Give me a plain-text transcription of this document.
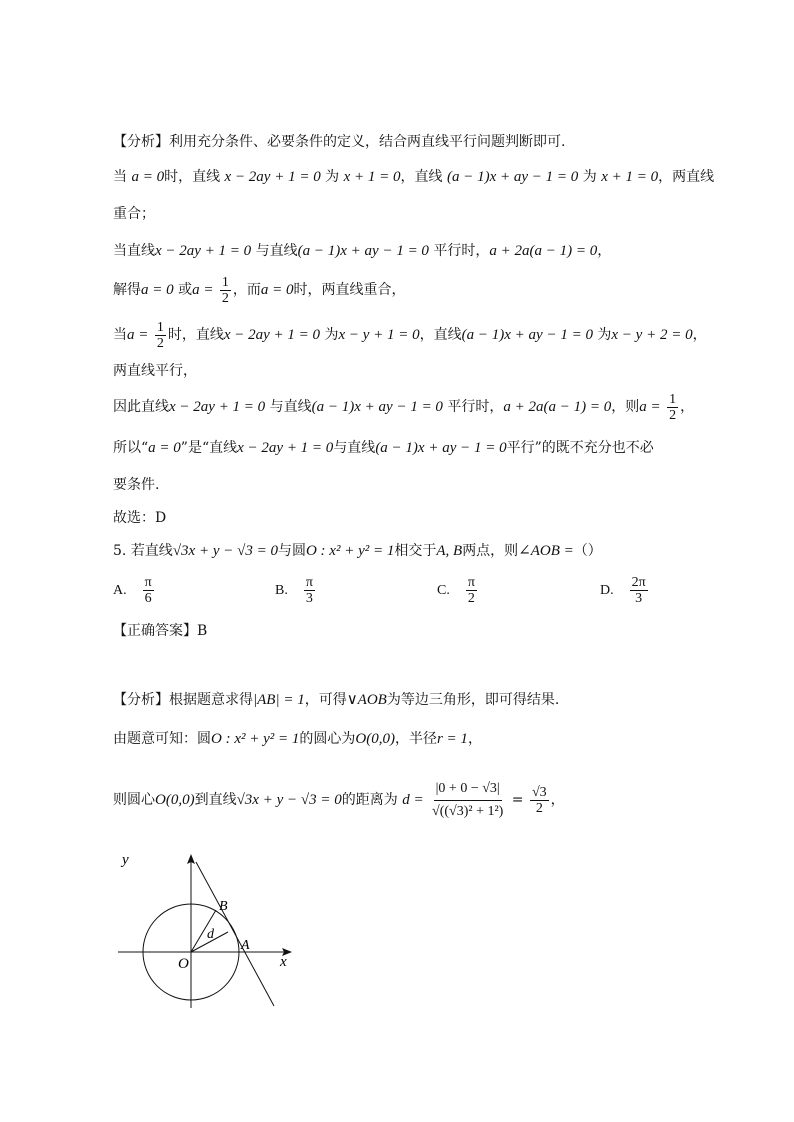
【分析】利用充分条件、必要条件的定义，结合两直线平行问题判断即可.
当 a = 0时，直线 x − 2ay + 1 = 0 为 x + 1 = 0，直线 (a − 1)x + ay − 1 = 0 为 x + 1 = 0，两直线
重合；
当直线x − 2ay + 1 = 0 与直线(a − 1)x + ay − 1 = 0 平行时，a + 2a(a − 1) = 0，
解得a = 0 或$a = \frac{1}{2}$ ，而a = 0时，两直线重合，
当$a = \frac{1}{2}$ 时，直线x − 2ay + 1 = 0 为x − y + 1 = 0，直线(a − 1)x + ay − 1 = 0 为x − y + 2 = 0，
两直线平行，
因此直线x − 2ay + 1 = 0 与直线(a − 1)x + ay − 1 = 0 平行时，a + 2a(a − 1) = 0，则$a = \frac{1}{2}$ ，
所以“a = 0”是“直线x − 2ay + 1 = 0与直线(a − 1)x + ay − 1 = 0平行”的既不充分也不必
要条件.
故选：D
5. 若直线√3x + y − √3 = 0与圆O : x² + y² = 1相交于A, B两点，则∠AOB =（）
A. $\frac{\pi}{6}$	B. $\frac{\pi}{3}$	C. $\frac{\pi}{2}$	D. $\frac{2\pi}{3}$
【正确答案】B
【分析】根据题意求得|AB| = 1，可得∨AOB为等边三角形，即可得结果.
由题意可知：圆O : x² + y² = 1的圆心为O(0,0)，半径r = 1，
则圆心O(0,0)到直线√3x + y − √3 = 0的距离为 $d = \frac{|0 + 0 - √3|}{\text{√((√3)² + 1²)}} = \frac{√3}{2}$ ，
y
x
O
A
B
d
